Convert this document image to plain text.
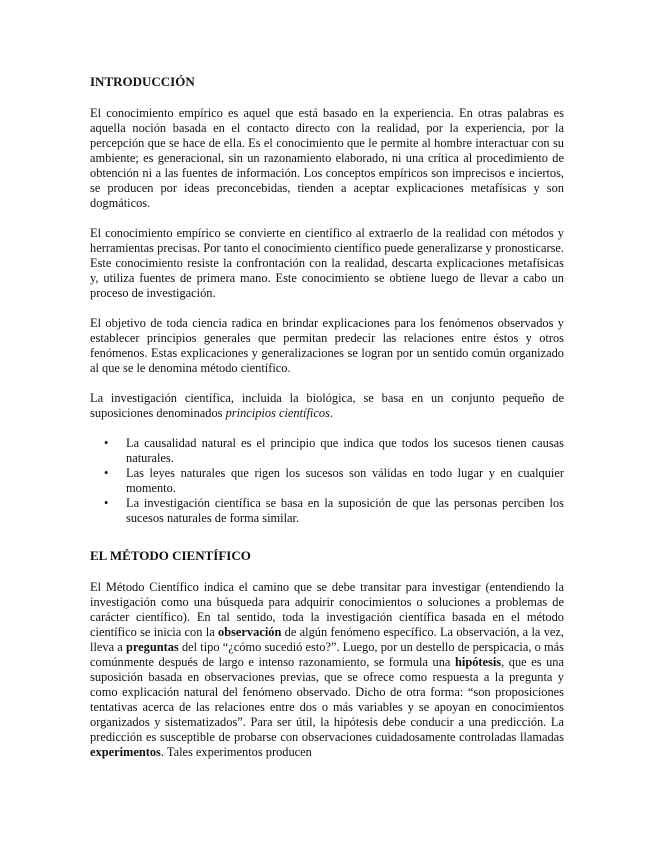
INTRODUCCIÓN

El conocimiento empírico es aquel que está basado en la experiencia. En otras palabras es aquella noción basada en el contacto directo con la realidad, por la experiencia, por la percepción que se hace de ella. Es el conocimiento que le permite al hombre interactuar con su ambiente; es generacional, sin un razonamiento elaborado, ni una crítica al procedimiento de obtención ni a las fuentes de información. Los conceptos empíricos son imprecisos e inciertos, se producen por ideas preconcebidas, tienden a aceptar explicaciones metafísicas y son dogmáticos.

El conocimiento empírico se convierte en científico al extraerlo de la realidad con métodos y herramientas precisas. Por tanto el conocimiento científico puede generalizarse y pronosticarse. Este conocimiento resiste la confrontación con la realidad, descarta explicaciones metafísicas y, utiliza fuentes de primera mano. Este conocimiento se obtiene luego de llevar a cabo un proceso de investigación.

El objetivo de toda ciencia radica en brindar explicaciones para los fenómenos observados y establecer principios generales que permitan predecir las relaciones entre éstos y otros fenómenos. Estas explicaciones y generalizaciones se logran por un sentido común organizado al que se le denomina método científico.

La investigación científica, incluida la biológica, se basa en un conjunto pequeño de suposiciones denominados principios científicos.

• La causalidad natural es el principio que indica que todos los sucesos tienen causas naturales.
• Las leyes naturales que rigen los sucesos son válidas en todo lugar y en cualquier momento.
• La investigación científica se basa en la suposición de que las personas perciben los sucesos naturales de forma similar.
EL MÉTODO CIENTÍFICO

El Método Científico indica el camino que se debe transitar para investigar (entendiendo la investigación como una búsqueda para adquirir conocimientos o soluciones a problemas de carácter científico). En tal sentido, toda la investigación científica basada en el método científico se inicia con la observación de algún fenómeno específico. La observación, a la vez, lleva a preguntas del tipo “¿cómo sucedió esto?”. Luego, por un destello de perspicacia, o más comúnmente después de largo e intenso razonamiento, se formula una hipótesis, que es una suposición basada en observaciones previas, que se ofrece como respuesta a la pregunta y como explicación natural del fenómeno observado. Dicho de otra forma: “son proposiciones tentativas acerca de las relaciones entre dos o más variables y se apoyan en conocimientos organizados y sistematizados”. Para ser útil, la hipótesis debe conducir a una predicción. La predicción es susceptible de probarse con observaciones cuidadosamente controladas llamadas experimentos. Tales experimentos producen
